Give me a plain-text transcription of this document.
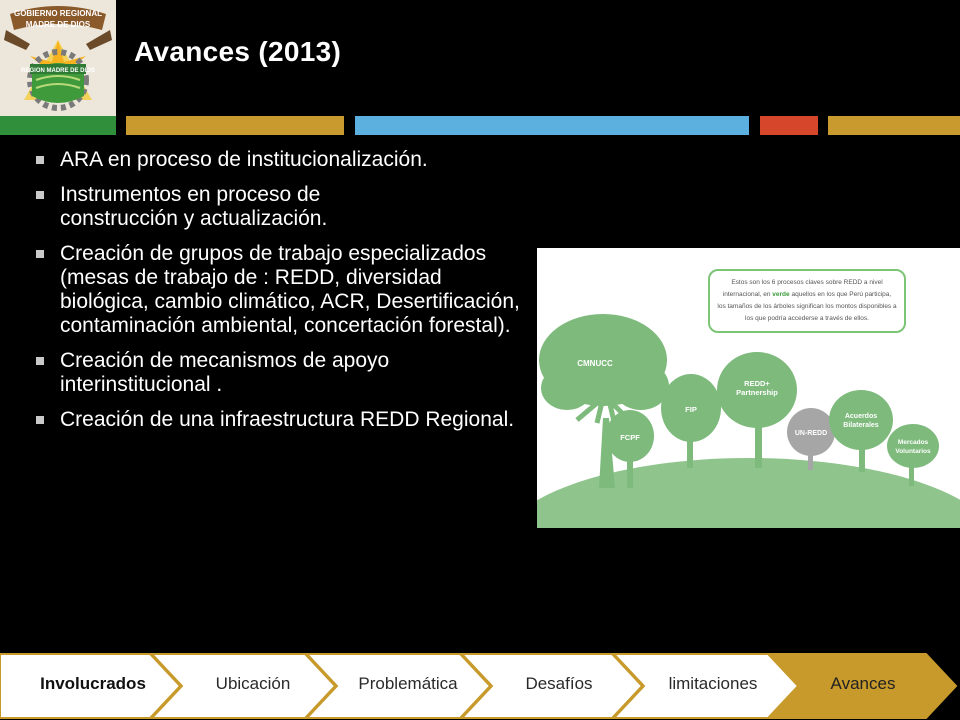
GOBIERNO REGIONAL
MADRE DE DIOS
REGION MADRE DE DIOS
Avances (2013)
ARA en proceso de institucionalización.
Instrumentos en proceso de construcción y actualización.
Creación de grupos de trabajo especializados (mesas de trabajo de : REDD, diversidad biológica, cambio climático, ACR, Desertificación, contaminación ambiental, concertación forestal).
Creación de mecanismos de apoyo interinstitucional .
Creación de una infraestructura REDD Regional.
Estos son los 6 procesos claves sobre REDD a nivel
internacional, en verde aquellos en los que Perú participa,
los tamaños de los árboles significan los montos disponibles a
los que podría accederse a través de ellos.
CMNUCC
FCPF
FIP
REDD+
Partnership
UN-REDD
Acuerdos
Bilaterales
Mercados
Voluntarios
Involucrados	Ubicación	Problemática	Desafíos	limitaciones	Avances
